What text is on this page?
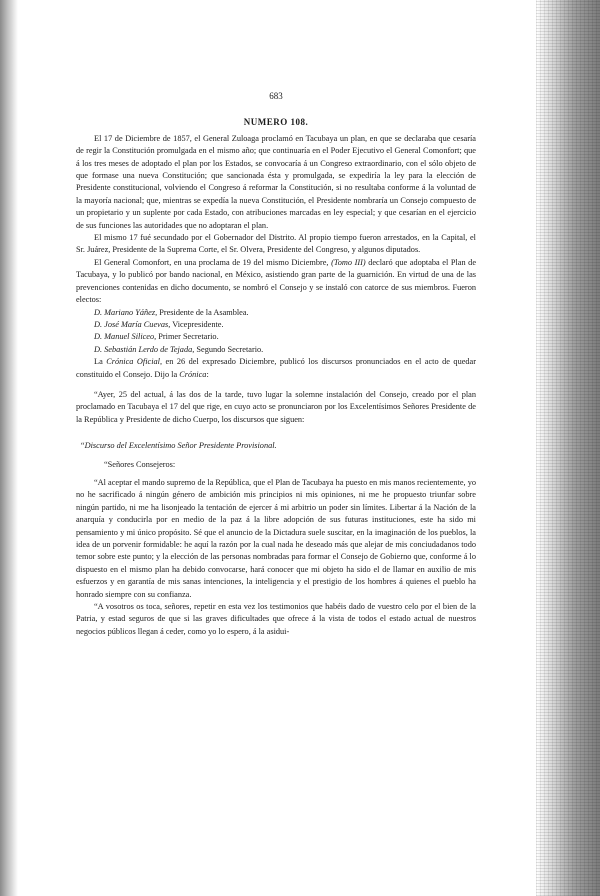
683
NUMERO 108.

El 17 de Diciembre de 1857, el General Zuloaga proclamó en Tacubaya un plan, en que se declaraba que cesaría de regir la Constitución promulgada en el mismo año; que continuaría en el Poder Ejecutivo el General Comonfort; que á los tres meses de adoptado el plan por los Estados, se convocaría á un Congreso extraordinario, con el sólo objeto de que formase una nueva Constitución; que sancionada ésta y promulgada, se expediría la ley para la elección de Presidente constitucional, volviendo el Congreso á reformar la Constitución, si no resultaba conforme á la voluntad de la mayoría nacional; que, mientras se expedía la nueva Constitución, el Presidente nombraría un Consejo compuesto de un propietario y un suplente por cada Estado, con atribuciones marcadas en ley especial; y que cesarían en el ejercicio de sus funciones las autoridades que no adoptaran el plan.

El mismo 17 fué secundado por el Gobernador del Distrito. Al propio tiempo fueron arrestados, en la Capital, el Sr. Juárez, Presidente de la Suprema Corte, el Sr. Olvera, Presidente del Congreso, y algunos diputados.

El General Comonfort, en una proclama de 19 del mismo Diciembre, (Tomo III) declaró que adoptaba el Plan de Tacubaya, y lo publicó por bando nacional, en México, asistiendo gran parte de la guarnición. En virtud de una de las prevenciones contenidas en dicho documento, se nombró el Consejo y se instaló con catorce de sus miembros. Fueron electos:

D. Mariano Yáñez, Presidente de la Asamblea.

D. José María Cuevas, Vicepresidente.

D. Manuel Siliceo, Primer Secretario.

D. Sebastián Lerdo de Tejada, Segundo Secretario.

La Crónica Oficial, en 26 del expresado Diciembre, publicó los discursos pronunciados en el acto de quedar constituido el Consejo. Dijo la Crónica:

“Ayer, 25 del actual, á las dos de la tarde, tuvo lugar la solemne instalación del Consejo, creado por el plan proclamado en Tacubaya el 17 del que rige, en cuyo acto se pronunciaron por los Excelentísimos Señores Presidente de la República y Presidente de dicho Cuerpo, los discursos que siguen:

“Discurso del Excelentísimo Señor Presidente Provisional.

“Señores Consejeros:

“Al aceptar el mando supremo de la República, que el Plan de Tacubaya ha puesto en mis manos recientemente, yo no he sacrificado á ningún género de ambición mis principios ni mis opiniones, ni me he propuesto triunfar sobre ningún partido, ni me ha lisonjeado la tentación de ejercer á mi arbitrio un poder sin límites. Libertar á la Nación de la anarquía y conducirla por en medio de la paz á la libre adopción de sus futuras instituciones, este ha sido mi pensamiento y mi único propósito. Sé que el anuncio de la Dictadura suele suscitar, en la imaginación de los pueblos, la idea de un porvenir formidable: he aquí la razón por la cual nada he deseado más que alejar de mis conciudadanos todo temor sobre este punto; y la elección de las personas nombradas para formar el Consejo de Gobierno que, conforme á lo dispuesto en el mismo plan ha debido convocarse, hará conocer que mi objeto ha sido el de llamar en auxilio de mis esfuerzos y en garantía de mis sanas intenciones, la inteligencia y el prestigio de los hombres á quienes el pueblo ha honrado siempre con su confianza.

“A vosotros os toca, señores, repetir en esta vez los testimonios que habéis dado de vuestro celo por el bien de la Patria, y estad seguros de que si las graves dificultades que ofrece á la vista de todos el estado actual de nuestros negocios públicos llegan á ceder, como yo lo espero, á la asidui-
